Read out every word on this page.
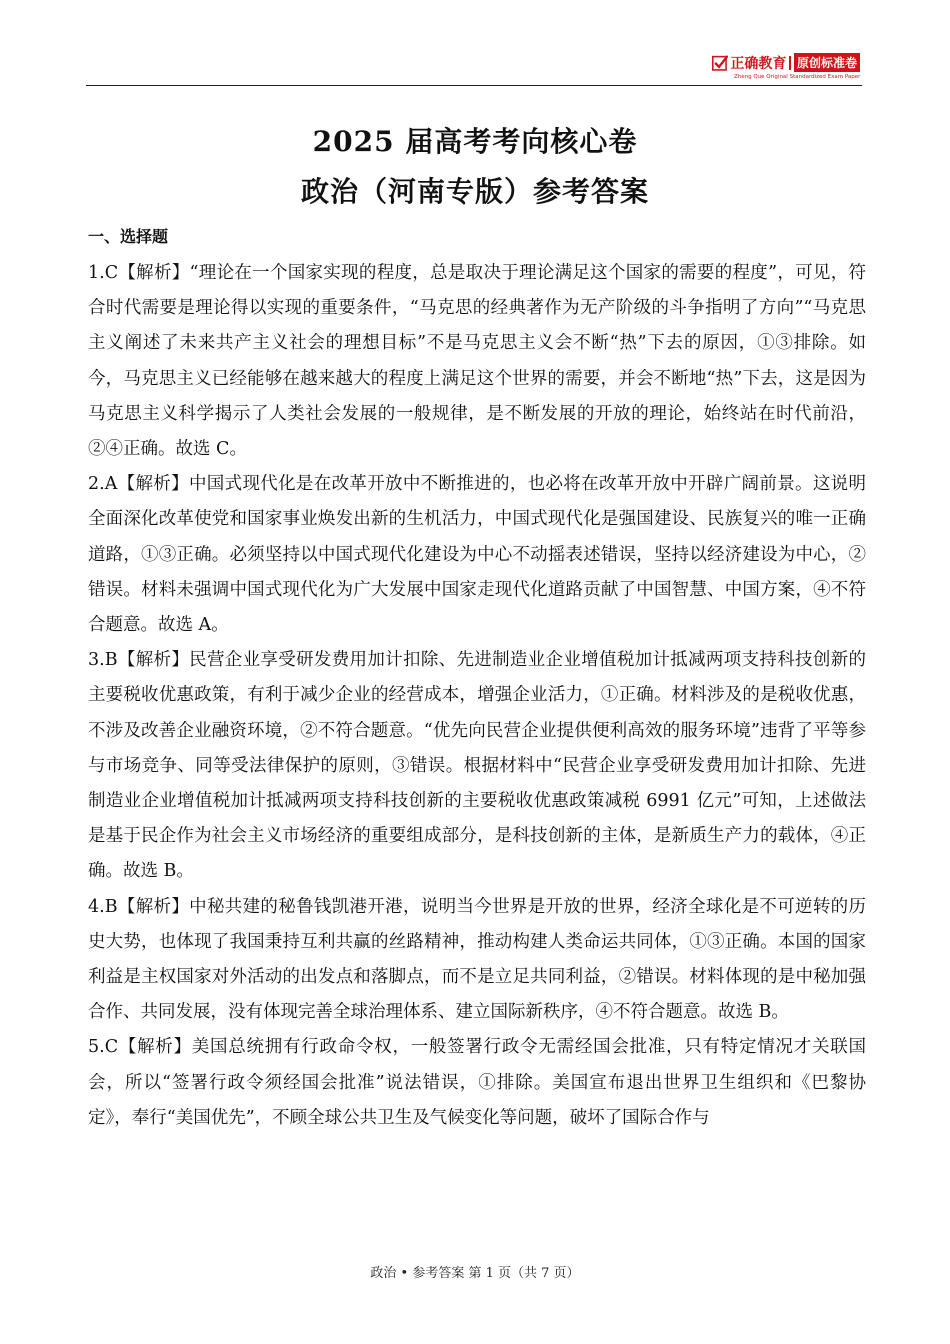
正确教育 原创标准卷
Zheng Que Original Standardized Exam Paper
2025 届高考考向核心卷
政治（河南专版）参考答案
一、选择题

1.C【解析】“理论在一个国家实现的程度，总是取决于理论满足这个国家的需要的程度”，可见，符合时代需要是理论得以实现的重要条件，“马克思的经典著作为无产阶级的斗争指明了方向”“马克思主义阐述了未来共产主义社会的理想目标”不是马克思主义会不断“热”下去的原因，①③排除。如今，马克思主义已经能够在越来越大的程度上满足这个世界的需要，并会不断地“热”下去，这是因为马克思主义科学揭示了人类社会发展的一般规律，是不断发展的开放的理论，始终站在时代前沿，②④正确。故选 C。

2.A【解析】中国式现代化是在改革开放中不断推进的，也必将在改革开放中开辟广阔前景。这说明全面深化改革使党和国家事业焕发出新的生机活力，中国式现代化是强国建设、民族复兴的唯一正确道路，①③正确。必须坚持以中国式现代化建设为中心不动摇表述错误，坚持以经济建设为中心，②错误。材料未强调中国式现代化为广大发展中国家走现代化道路贡献了中国智慧、中国方案，④不符合题意。故选 A。

3.B【解析】民营企业享受研发费用加计扣除、先进制造业企业增值税加计抵减两项支持科技创新的主要税收优惠政策，有利于减少企业的经营成本，增强企业活力，①正确。材料涉及的是税收优惠，不涉及改善企业融资环境，②不符合题意。“优先向民营企业提供便利高效的服务环境”违背了平等参与市场竞争、同等受法律保护的原则，③错误。根据材料中“民营企业享受研发费用加计扣除、先进制造业企业增值税加计抵减两项支持科技创新的主要税收优惠政策减税 6991 亿元”可知，上述做法是基于民企作为社会主义市场经济的重要组成部分，是科技创新的主体，是新质生产力的载体，④正确。故选 B。

4.B【解析】中秘共建的秘鲁钱凯港开港，说明当今世界是开放的世界，经济全球化是不可逆转的历史大势，也体现了我国秉持互利共赢的丝路精神，推动构建人类命运共同体，①③正确。本国的国家利益是主权国家对外活动的出发点和落脚点，而不是立足共同利益，②错误。材料体现的是中秘加强合作、共同发展，没有体现完善全球治理体系、建立国际新秩序，④不符合题意。故选 B。

5.C【解析】美国总统拥有行政命令权，一般签署行政令无需经国会批准，只有特定情况才关联国会，所以“签署行政令须经国会批准”说法错误，①排除。美国宣布退出世界卫生组织和《巴黎协定》，奉行“美国优先”，不顾全球公共卫生及气候变化等问题，破坏了国际合作与

政治 • 参考答案 第 1 页（共 7 页）
